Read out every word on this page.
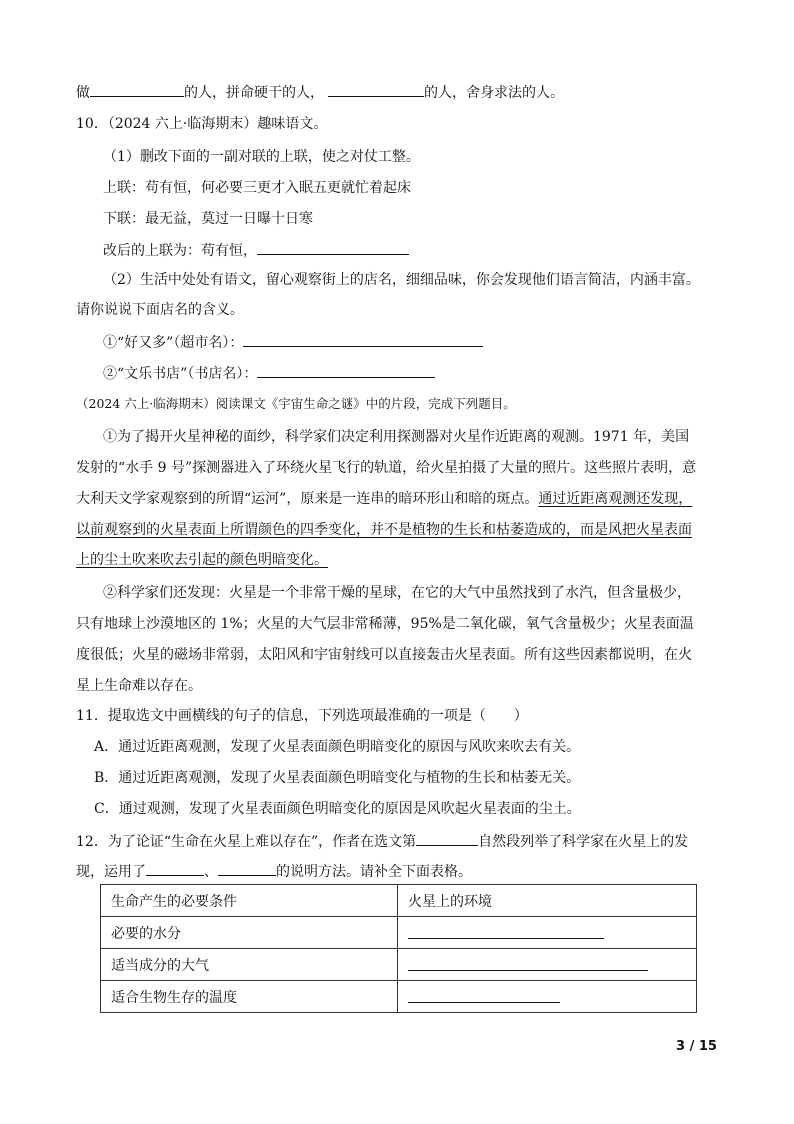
做	的人，拼命硬干的人，	的人，舍身求法的人。
10．（2024 六上·临海期末）趣味语文。
（1）删改下面的一副对联的上联，使之对仗工整。
上联：苟有恒，何必要三更才入眠五更就忙着起床
下联：最无益，莫过一日曝十日寒
改后的上联为：苟有恒，
（2）生活中处处有语文，留心观察街上的店名，细细品味，你会发现他们语言简洁，内涵丰富。
请你说说下面店名的含义。
①“好又多”（超市名）：
②“文乐书店”（书店名）：
（2024 六上·临海期末）阅读课文《宇宙生命之谜》中的片段，完成下列题目。
①为了揭开火星神秘的面纱，科学家们决定利用探测器对火星作近距离的观测。1971 年，美国
发射的“水手 9 号”探测器进入了环绕火星飞行的轨道，给火星拍摄了大量的照片。这些照片表明，意
大利天文学家观察到的所谓“运河”，原来是一连串的暗环形山和暗的斑点。通过近距离观测还发现，
以前观察到的火星表面上所谓颜色的四季变化，并不是植物的生长和枯萎造成的，而是风把火星表面
上的尘土吹来吹去引起的颜色明暗变化。
②科学家们还发现：火星是一个非常干燥的星球，在它的大气中虽然找到了水汽，但含量极少，
只有地球上沙漠地区的 1%；火星的大气层非常稀薄，95%是二氧化碳，氧气含量极少；火星表面温
度很低；火星的磁场非常弱，太阳风和宇宙射线可以直接轰击火星表面。所有这些因素都说明，在火
星上生命难以存在。
11．提取选文中画横线的句子的信息，下列选项最准确的一项是（　　）
A．通过近距离观测，发现了火星表面颜色明暗变化的原因与风吹来吹去有关。
B．通过近距离观测，发现了火星表面颜色明暗变化与植物的生长和枯萎无关。
C．通过观测，发现了火星表面颜色明暗变化的原因是风吹起火星表面的尘土。
12．为了论证“生命在火星上难以存在”，作者在选文第	自然段列举了科学家在火星上的发
现，运用了	、	的说明方法。请补全下面表格。
生命产生的必要条件	火星上的环境
必要的水分	
适当成分的大气	
适合生物生存的温度	
3 / 15
